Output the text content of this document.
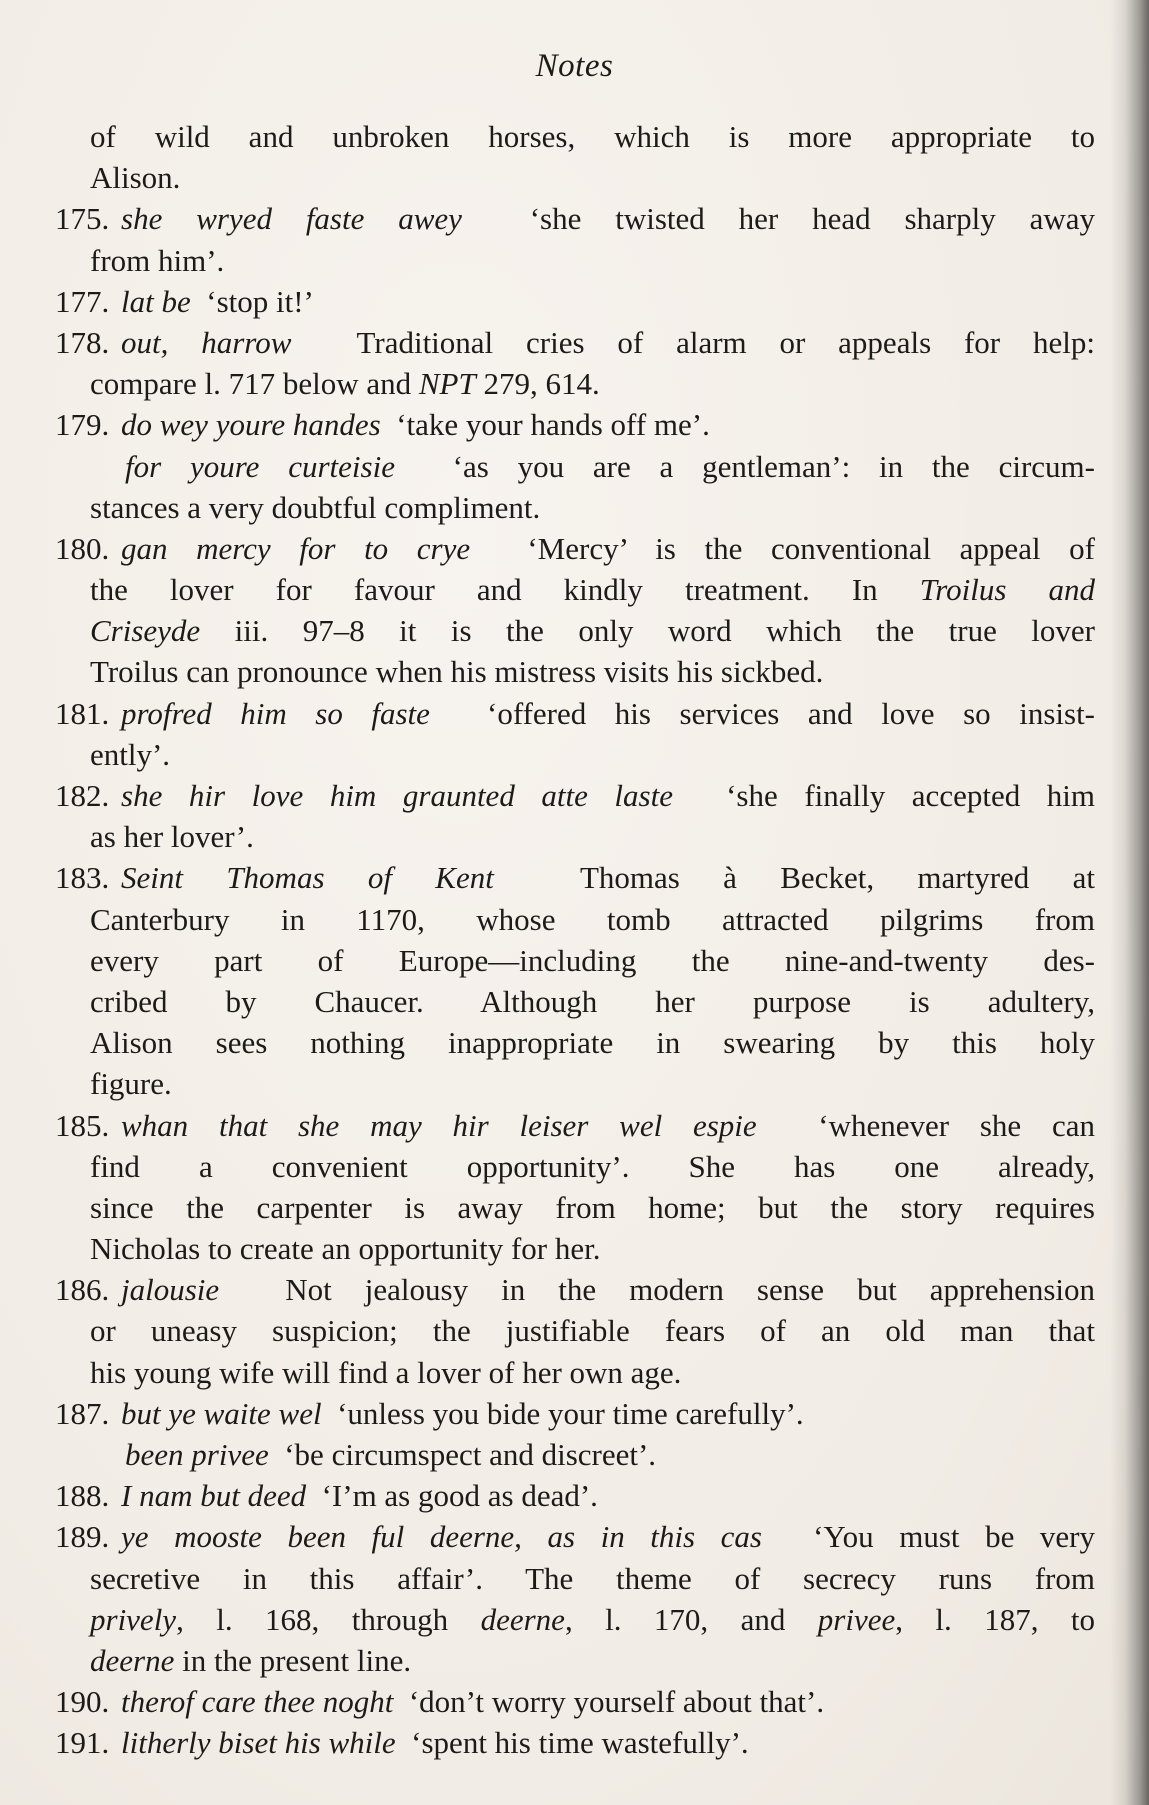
Notes
of wild and unbroken horses, which is more appropriate to
Alison.
175. she wryed faste awey ‘she twisted her head sharply away
from him’.
177. lat be ‘stop it!’
178. out, harrow Traditional cries of alarm or appeals for help:
compare l. 717 below and NPT 279, 614.
179. do wey youre handes ‘take your hands off me’.
for youre curteisie ‘as you are a gentleman’: in the circum-
stances a very doubtful compliment.
180. gan mercy for to crye ‘Mercy’ is the conventional appeal of
the lover for favour and kindly treatment. In Troilus and
Criseyde iii. 97–8 it is the only word which the true lover
Troilus can pronounce when his mistress visits his sickbed.
181. profred him so faste ‘offered his services and love so insist-
ently’.
182. she hir love him graunted atte laste ‘she finally accepted him
as her lover’.
183. Seint Thomas of Kent	Thomas à Becket, martyred at
Canterbury in 1170, whose tomb attracted pilgrims from
every part of Europe—including the nine-and-twenty des-
cribed by Chaucer. Although her purpose is adultery,
Alison sees nothing inappropriate in swearing by this holy
figure.
185. whan that she may hir leiser wel espie ‘whenever she can
find a convenient opportunity’. She has one already,
since the carpenter is away from home; but the story requires
Nicholas to create an opportunity for her.
186. jalousie Not jealousy in the modern sense but apprehension
or uneasy suspicion; the justifiable fears of an old man that
his young wife will find a lover of her own age.
187. but ye waite wel ‘unless you bide your time carefully’.
been privee ‘be circumspect and discreet’.
188. I nam but deed ‘I’m as good as dead’.
189. ye mooste been ful deerne, as in this cas ‘You must be very
secretive in this affair’. The theme of secrecy runs from
prively, l. 168, through deerne, l. 170, and privee, l. 187, to
deerne in the present line.
190. therof care thee noght ‘don’t worry yourself about that’.
191. litherly biset his while ‘spent his time wastefully’.
